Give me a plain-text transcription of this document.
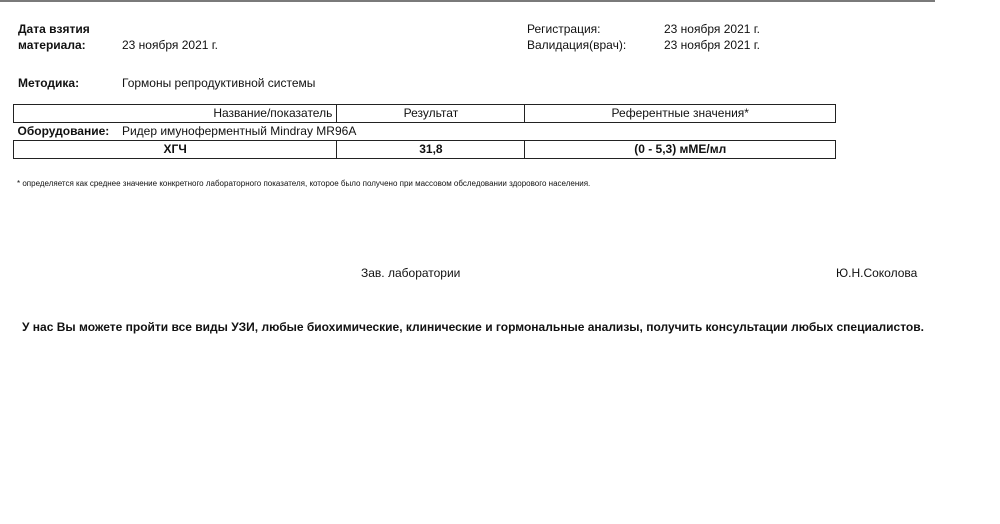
Дата взятия
материала:	23 ноября 2021 г.
Регистрация:	23 ноября 2021 г.
Валидация(врач):	23 ноября 2021 г.
Методика:	Гормоны репродуктивной системы
Название/показатель	Результат	Референтные значения*
Оборудование: Ридер имуноферментный Mindray MR96A		
ХГЧ	31,8	(0 - 5,3) мМЕ/мл
* определяется как среднее значение конкретного лабораторного показателя, которое было получено при массовом обследовании здорового населения.
Зав. лаборатории	Ю.Н.Соколова
У нас Вы можете пройти все виды УЗИ, любые биохимические, клинические и гормональные анализы, получить консультации любых специалистов.
